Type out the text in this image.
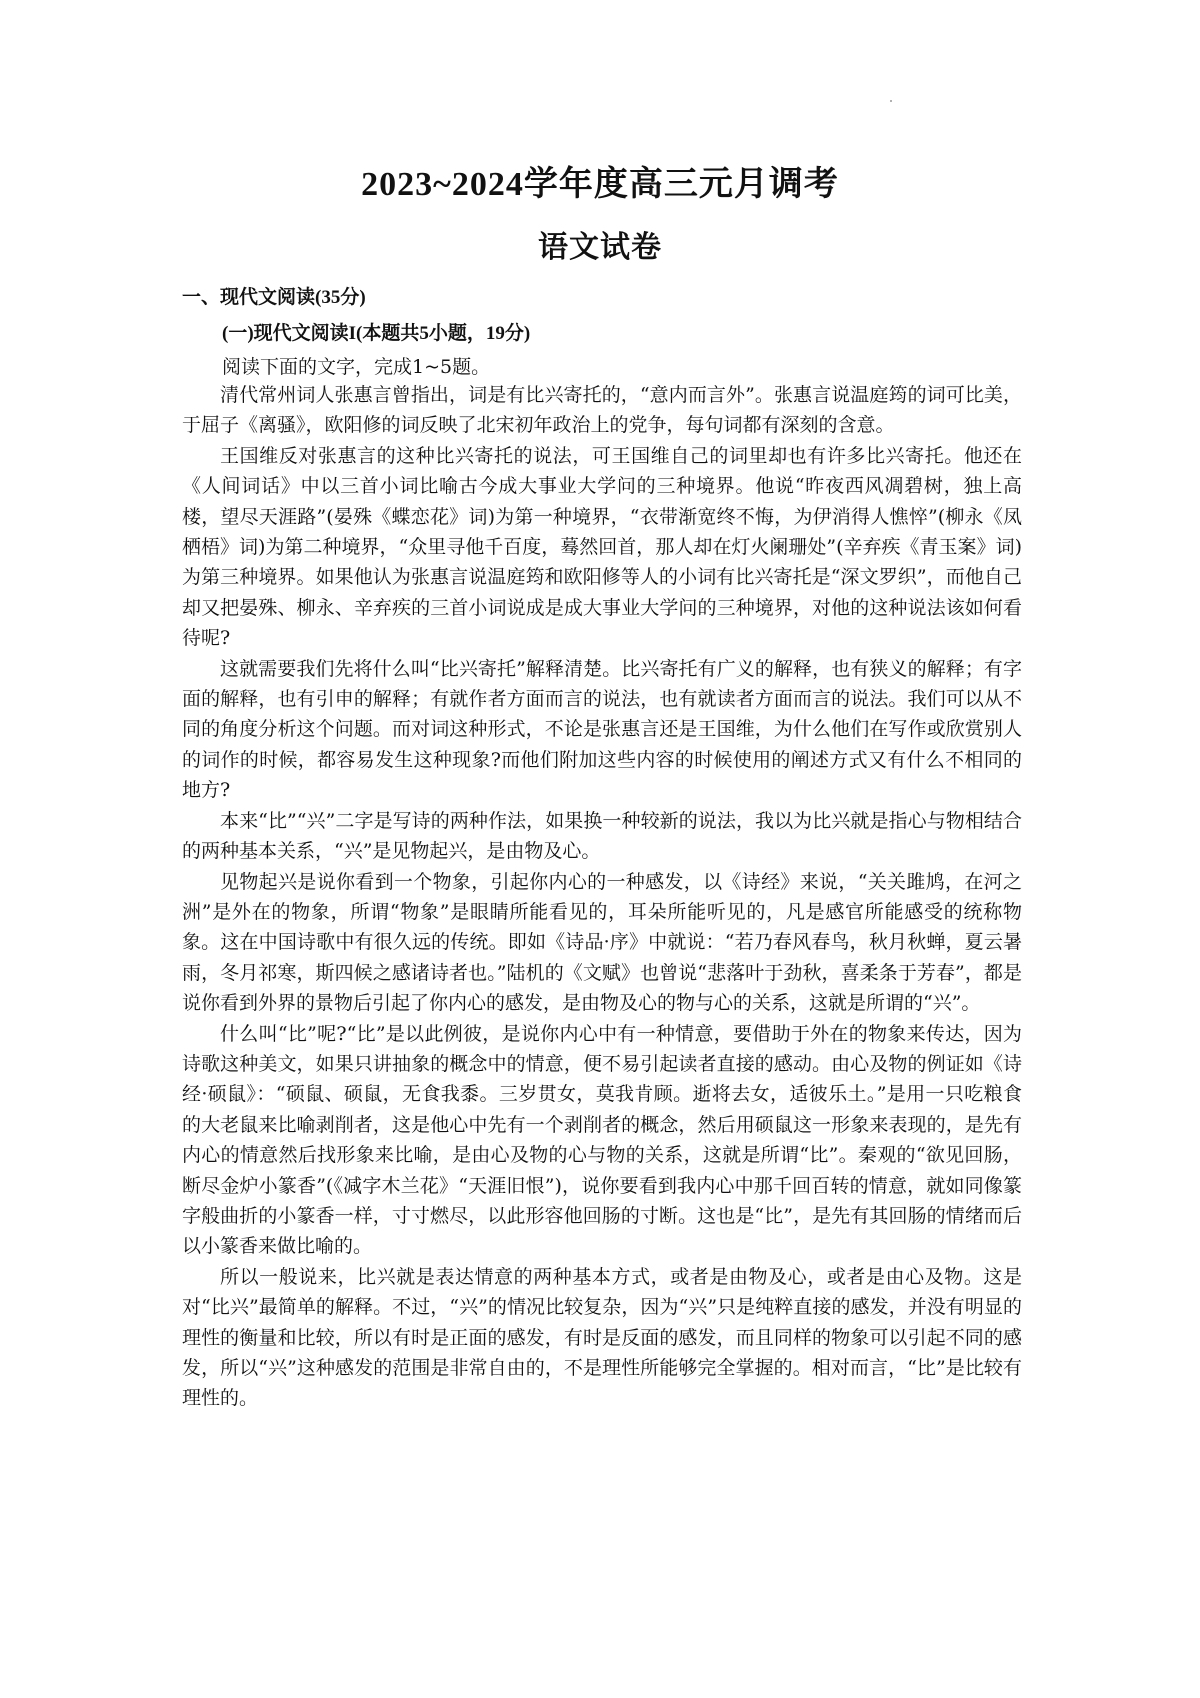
2023~2024学年度高三元月调考
语文试卷
一、现代文阅读(35分)
(一)现代文阅读I(本题共5小题，19分)
阅读下面的文字，完成1~5题。

清代常州词人张惠言曾指出，词是有比兴寄托的，“意内而言外”。张惠言说温庭筠的词可比美，于屈子《离骚》，欧阳修的词反映了北宋初年政治上的党争，每句词都有深刻的含意。

王国维反对张惠言的这种比兴寄托的说法，可王国维自己的词里却也有许多比兴寄托。他还在《人间词话》中以三首小词比喻古今成大事业大学问的三种境界。他说“昨夜西风凋碧树，独上高楼，望尽天涯路”(晏殊《蝶恋花》词)为第一种境界，“衣带渐宽终不悔，为伊消得人憔悴”(柳永《凤栖梧》词)为第二种境界，“众里寻他千百度，蓦然回首，那人却在灯火阑珊处”(辛弃疾《青玉案》词)为第三种境界。如果他认为张惠言说温庭筠和欧阳修等人的小词有比兴寄托是“深文罗织”，而他自己却又把晏殊、柳永、辛弃疾的三首小词说成是成大事业大学问的三种境界，对他的这种说法该如何看待呢?

这就需要我们先将什么叫“比兴寄托”解释清楚。比兴寄托有广义的解释，也有狭义的解释；有字面的解释，也有引申的解释；有就作者方面而言的说法，也有就读者方面而言的说法。我们可以从不同的角度分析这个问题。而对词这种形式，不论是张惠言还是王国维，为什么他们在写作或欣赏别人的词作的时候，都容易发生这种现象?而他们附加这些内容的时候使用的阐述方式又有什么不相同的地方?

本来“比”“兴”二字是写诗的两种作法，如果换一种较新的说法，我以为比兴就是指心与物相结合的两种基本关系，“兴”是见物起兴，是由物及心。

见物起兴是说你看到一个物象，引起你内心的一种感发，以《诗经》来说，“关关雎鸠，在河之洲”是外在的物象，所谓“物象”是眼睛所能看见的，耳朵所能听见的，凡是感官所能感受的统称物象。这在中国诗歌中有很久远的传统。即如《诗品·序》中就说：“若乃春风春鸟，秋月秋蝉，夏云暑雨，冬月祁寒，斯四候之感诸诗者也。”陆机的《文赋》也曾说“悲落叶于劲秋，喜柔条于芳春”，都是说你看到外界的景物后引起了你内心的感发，是由物及心的物与心的关系，这就是所谓的“兴”。

什么叫“比”呢?“比”是以此例彼，是说你内心中有一种情意，要借助于外在的物象来传达，因为诗歌这种美文，如果只讲抽象的概念中的情意，便不易引起读者直接的感动。由心及物的例证如《诗经·硕鼠》：“硕鼠、硕鼠，无食我黍。三岁贯女，莫我肯顾。逝将去女，适彼乐土。”是用一只吃粮食的大老鼠来比喻剥削者，这是他心中先有一个剥削者的概念，然后用硕鼠这一形象来表现的，是先有内心的情意然后找形象来比喻，是由心及物的心与物的关系，这就是所谓“比”。秦观的“欲见回肠，断尽金炉小篆香”(《减字木兰花》“天涯旧恨”)，说你要看到我内心中那千回百转的情意，就如同像篆字般曲折的小篆香一样，寸寸燃尽，以此形容他回肠的寸断。这也是“比”，是先有其回肠的情绪而后以小篆香来做比喻的。

所以一般说来，比兴就是表达情意的两种基本方式，或者是由物及心，或者是由心及物。这是对“比兴”最简单的解释。不过，“兴”的情况比较复杂，因为“兴”只是纯粹直接的感发，并没有明显的理性的衡量和比较，所以有时是正面的感发，有时是反面的感发，而且同样的物象可以引起不同的感发，所以“兴”这种感发的范围是非常自由的，不是理性所能够完全掌握的。相对而言，“比”是比较有理性的。
